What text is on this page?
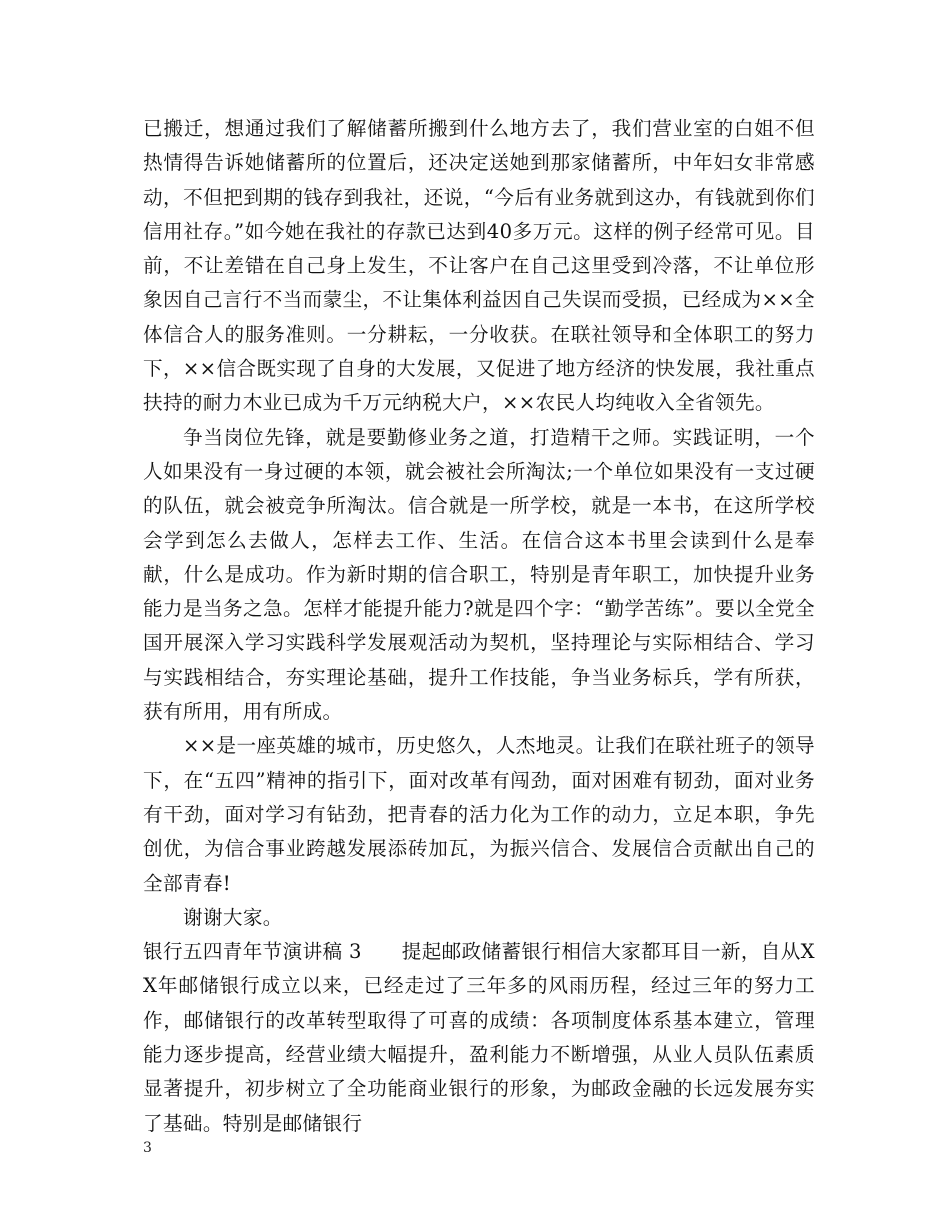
已搬迁，想通过我们了解储蓄所搬到什么地方去了，我们营业室的白姐不但热情得告诉她储蓄所的位置后，还决定送她到那家储蓄所，中年妇女非常感动，不但把到期的钱存到我社，还说，“今后有业务就到这办，有钱就到你们信用社存。”如今她在我社的存款已达到40多万元。这样的例子经常可见。目前，不让差错在自己身上发生，不让客户在自己这里受到冷落，不让单位形象因自己言行不当而蒙尘，不让集体利益因自己失误而受损，已经成为××全体信合人的服务准则。一分耕耘，一分收获。在联社领导和全体职工的努力下，××信合既实现了自身的大发展，又促进了地方经济的快发展，我社重点扶持的耐力木业已成为千万元纳税大户，××农民人均纯收入全省领先。

争当岗位先锋，就是要勤修业务之道，打造精干之师。实践证明，一个人如果没有一身过硬的本领，就会被社会所淘汰;一个单位如果没有一支过硬的队伍，就会被竞争所淘汰。信合就是一所学校，就是一本书，在这所学校会学到怎么去做人，怎样去工作、生活。在信合这本书里会读到什么是奉献，什么是成功。作为新时期的信合职工，特别是青年职工，加快提升业务能力是当务之急。怎样才能提升能力?就是四个字：“勤学苦练”。要以全党全国开展深入学习实践科学发展观活动为契机，坚持理论与实际相结合、学习与实践相结合，夯实理论基础，提升工作技能，争当业务标兵，学有所获，获有所用，用有所成。

××是一座英雄的城市，历史悠久，人杰地灵。让我们在联社班子的领导下，在“五四”精神的指引下，面对改革有闯劲，面对困难有韧劲，面对业务有干劲，面对学习有钻劲，把青春的活力化为工作的动力，立足本职，争先创优，为信合事业跨越发展添砖加瓦，为振兴信合、发展信合贡献出自己的全部青春!

谢谢大家。

银行五四青年节演讲稿 3　　提起邮政储蓄银行相信大家都耳目一新，自从XX年邮储银行成立以来，已经走过了三年多的风雨历程，经过三年的努力工作，邮储银行的改革转型取得了可喜的成绩：各项制度体系基本建立，管理能力逐步提高，经营业绩大幅提升，盈利能力不断增强，从业人员队伍素质显著提升，初步树立了全功能商业银行的形象，为邮政金融的长远发展夯实了基础。特别是邮储银行

3
